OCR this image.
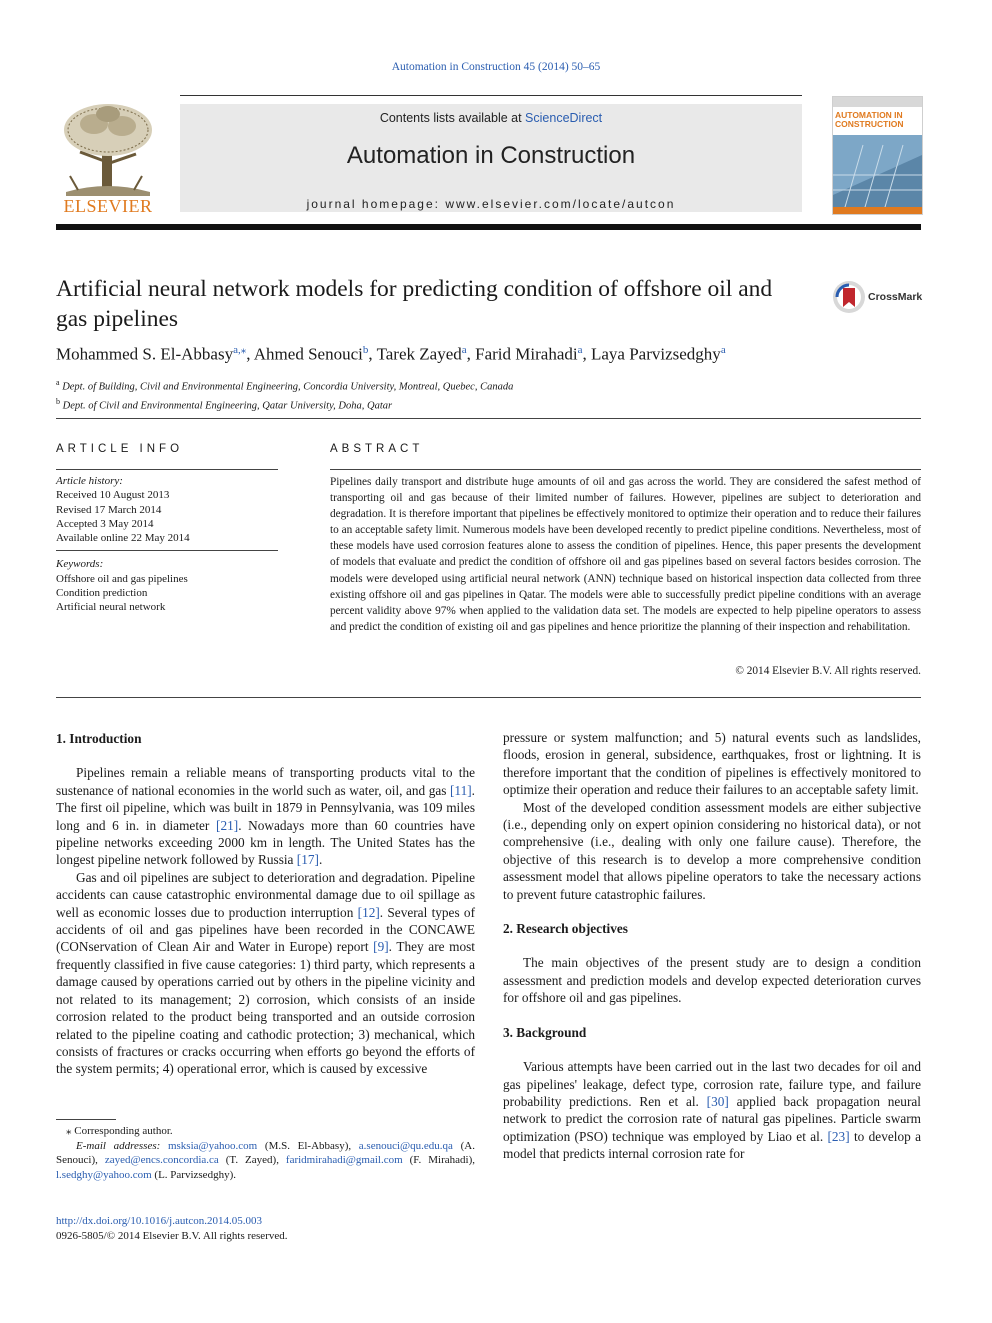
Automation in Construction 45 (2014) 50–65
ELSEVIER
Contents lists available at ScienceDirect
Automation in Construction
journal homepage: www.elsevier.com/locate/autcon
AUTOMATION IN
CONSTRUCTION
Artificial neural network models for predicting condition of offshore oil and gas pipelines
CrossMark
Mohammed S. El-Abbasy$^{a,⁎}$, Ahmed Senouci$^b$, Tarek Zayed$^a$, Farid Mirahadi$^a$, Laya Parvizsedghy$^a$
$^a$ Dept. of Building, Civil and Environmental Engineering, Concordia University, Montreal, Quebec, Canada
$^b$ Dept. of Civil and Environmental Engineering, Qatar University, Doha, Qatar
ARTICLE INFO
Article history:
Received 10 August 2013
Revised 17 March 2014
Accepted 3 May 2014
Available online 22 May 2014
Keywords:
Offshore oil and gas pipelines
Condition prediction
Artificial neural network
ABSTRACT
Pipelines daily transport and distribute huge amounts of oil and gas across the world. They are considered the safest method of transporting oil and gas because of their limited number of failures. However, pipelines are subject to deterioration and degradation. It is therefore important that pipelines be effectively monitored to optimize their operation and to reduce their failures to an acceptable safety limit. Numerous models have been developed recently to predict pipeline conditions. Nevertheless, most of these models have used corrosion features alone to assess the condition of pipelines. Hence, this paper presents the development of models that evaluate and predict the condition of offshore oil and gas pipelines based on several factors besides corrosion. The models were developed using artificial neural network (ANN) technique based on historical inspection data collected from three existing offshore oil and gas pipelines in Qatar. The models were able to successfully predict pipeline conditions with an average percent validity above 97% when applied to the validation data set. The models are expected to help pipeline operators to assess and predict the condition of existing oil and gas pipelines and hence prioritize the planning of their inspection and rehabilitation.
© 2014 Elsevier B.V. All rights reserved.
1. Introduction

Pipelines remain a reliable means of transporting products vital to the sustenance of national economies in the world such as water, oil, and gas [11]. The first oil pipeline, which was built in 1879 in Pennsylvania, was 109 miles long and 6 in. in diameter [21]. Nowadays more than 60 countries have pipeline networks exceeding 2000 km in length. The United States has the longest pipeline network followed by Russia [17].

Gas and oil pipelines are subject to deterioration and degradation. Pipeline accidents can cause catastrophic environmental damage due to oil spillage as well as economic losses due to production interruption [12]. Several types of accidents of oil and gas pipelines have been recorded in the CONCAWE (CONservation of Clean Air and Water in Europe) report [9]. They are most frequently classified in five cause categories: 1) third party, which represents a damage caused by operations carried out by others in the pipeline vicinity and not related to its management; 2) corrosion, which consists of an inside corrosion related to the product being transported and an outside corrosion related to the pipeline coating and cathodic protection; 3) mechanical, which consists of fractures or cracks occurring when efforts go beyond the efforts of the system permits; 4) operational error, which is caused by excessive

pressure or system malfunction; and 5) natural events such as landslides, floods, erosion in general, subsidence, earthquakes, frost or lightning. It is therefore important that the condition of pipelines is effectively monitored to optimize their operation and reduce their failures to an acceptable safety limit.

Most of the developed condition assessment models are either subjective (i.e., depending only on expert opinion considering no historical data), or not comprehensive (i.e., dealing with only one failure cause). Therefore, the objective of this research is to develop a more comprehensive condition assessment model that allows pipeline operators to take the necessary actions to prevent future catastrophic failures.

2. Research objectives

The main objectives of the present study are to design a condition assessment and prediction models and develop expected deterioration curves for offshore oil and gas pipelines.

3. Background

Various attempts have been carried out in the last two decades for oil and gas pipelines' leakage, defect type, corrosion rate, failure type, and failure probability predictions. Ren et al. [30] applied back propagation neural network to predict the corrosion rate of natural gas pipelines. Particle swarm optimization (PSO) technique was employed by Liao et al. [23] to develop a model that predicts internal corrosion rate for

⁎ Corresponding author.
E-mail addresses: msksia@yahoo.com (M.S. El-Abbasy), a.senouci@qu.edu.qa (A. Senouci), zayed@encs.concordia.ca (T. Zayed), faridmirahadi@gmail.com (F. Mirahadi), l.sedghy@yahoo.com (L. Parvizsedghy).
http://dx.doi.org/10.1016/j.autcon.2014.05.003
0926-5805/© 2014 Elsevier B.V. All rights reserved.
